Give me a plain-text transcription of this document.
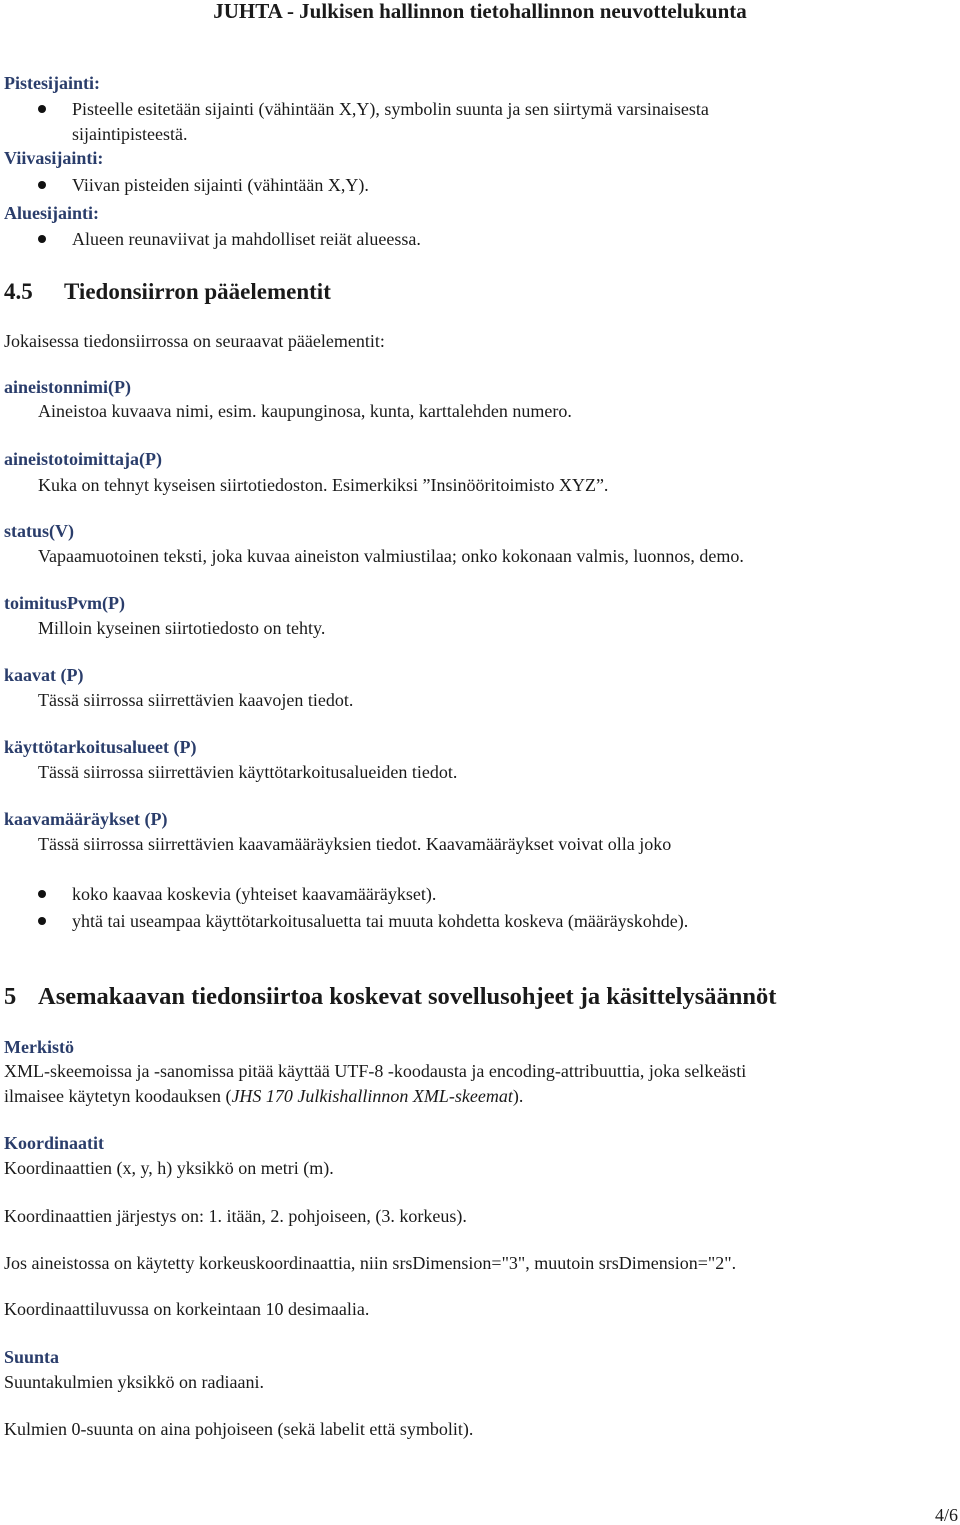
JUHTA - Julkisen hallinnon tietohallinnon neuvottelukunta
Pistesijainti:
Pisteelle esitetään sijainti (vähintään X,Y), symbolin suunta ja sen siirtymä varsinaisesta
sijaintipisteestä.
Viivasijainti:
Viivan pisteiden sijainti (vähintään X,Y).
Aluesijainti:
Alueen reunaviivat ja mahdolliset reiät alueessa.
4.5 Tiedonsiirron pääelementit
Jokaisessa tiedonsiirrossa on seuraavat pääelementit:
aineistonnimi(P)
Aineistoa kuvaava nimi, esim. kaupunginosa, kunta, karttalehden numero.
aineistotoimittaja(P)
Kuka on tehnyt kyseisen siirtotiedoston. Esimerkiksi ”Insinööritoimisto XYZ”.
status(V)
Vapaamuotoinen teksti, joka kuvaa aineiston valmiustilaa; onko kokonaan valmis, luonnos, demo.
toimitusPvm(P)
Milloin kyseinen siirtotiedosto on tehty.
kaavat (P)
Tässä siirrossa siirrettävien kaavojen tiedot.
käyttötarkoitusalueet (P)
Tässä siirrossa siirrettävien käyttötarkoitusalueiden tiedot.
kaavamääräykset (P)
Tässä siirrossa siirrettävien kaavamääräyksien tiedot. Kaavamääräykset voivat olla joko
koko kaavaa koskevia (yhteiset kaavamääräykset).
yhtä tai useampaa käyttötarkoitusaluetta tai muuta kohdetta koskeva (määräyskohde).
5 Asemakaavan tiedonsiirtoa koskevat sovellusohjeet ja käsittelysäännöt
Merkistö
XML-skeemoissa ja -sanomissa pitää käyttää UTF-8 -koodausta ja encoding-attribuuttia, joka selkeästi
ilmaisee käytetyn koodauksen (JHS 170 Julkishallinnon XML-skeemat).
Koordinaatit
Koordinaattien (x, y, h) yksikkö on metri (m).
Koordinaattien järjestys on: 1. itään, 2. pohjoiseen, (3. korkeus).
Jos aineistossa on käytetty korkeuskoordinaattia, niin srsDimension="3", muutoin srsDimension="2".
Koordinaattiluvussa on korkeintaan 10 desimaalia.
Suunta
Suuntakulmien yksikkö on radiaani.
Kulmien 0-suunta on aina pohjoiseen (sekä labelit että symbolit).
4/6
